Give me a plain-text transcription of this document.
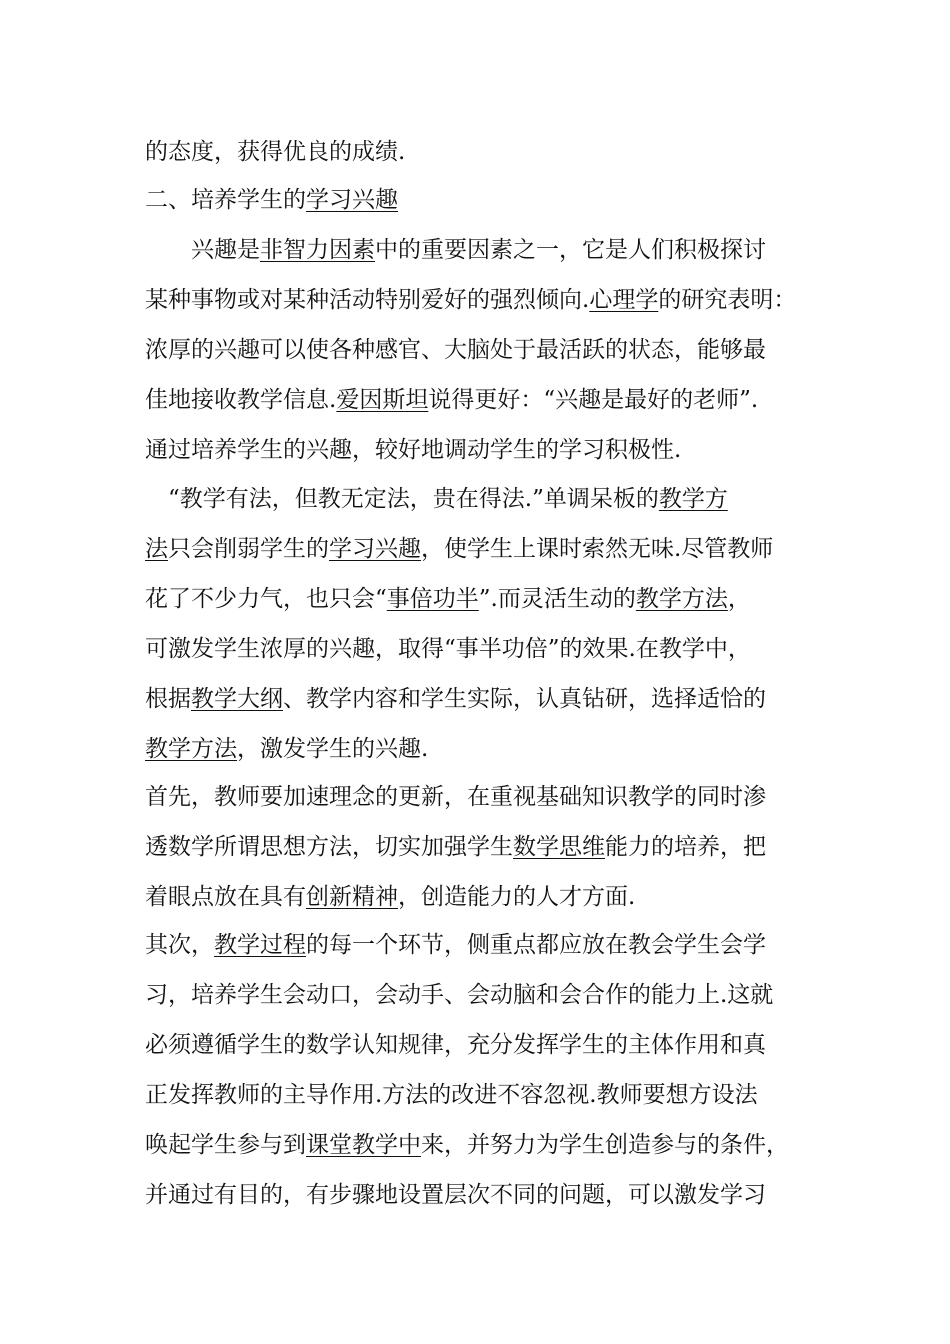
的态度，获得优良的成绩.
二、培养学生的学习兴趣
　　兴趣是非智力因素中的重要因素之一，它是人们积极探讨
某种事物或对某种活动特别爱好的强烈倾向.心理学的研究表明：
浓厚的兴趣可以使各种感官、大脑处于最活跃的状态，能够最
佳地接收教学信息.爱因斯坦说得更好：“兴趣是最好的老师”.
通过培养学生的兴趣，较好地调动学生的学习积极性.
　“教学有法，但教无定法，贵在得法.”单调呆板的教学方
法只会削弱学生的学习兴趣，使学生上课时索然无味.尽管教师
花了不少力气，也只会“事倍功半”.而灵活生动的教学方法，
可激发学生浓厚的兴趣，取得“事半功倍”的效果.在教学中，
根据教学大纲、教学内容和学生实际，认真钻研，选择适恰的
教学方法，激发学生的兴趣.
首先，教师要加速理念的更新，在重视基础知识教学的同时渗
透数学所谓思想方法，切实加强学生数学思维能力的培养，把
着眼点放在具有创新精神，创造能力的人才方面.
其次，教学过程的每一个环节，侧重点都应放在教会学生会学
习，培养学生会动口，会动手、会动脑和会合作的能力上.这就
必须遵循学生的数学认知规律，充分发挥学生的主体作用和真
正发挥教师的主导作用.方法的改进不容忽视.教师要想方设法
唤起学生参与到课堂教学中来，并努力为学生创造参与的条件，
并通过有目的，有步骤地设置层次不同的问题，可以激发学习
